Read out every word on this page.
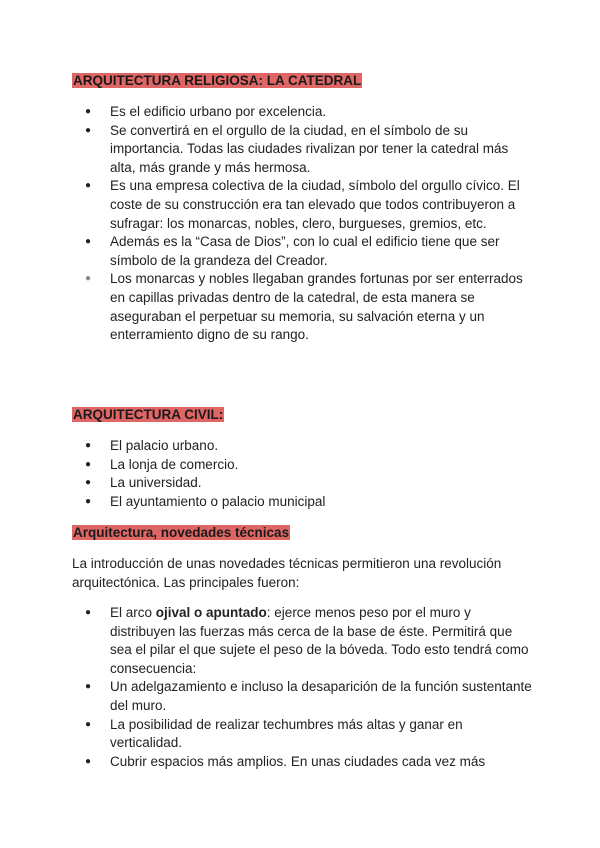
ARQUITECTURA RELIGIOSA: LA CATEDRAL
● Es el edificio urbano por excelencia.
● Se convertirá en el orgullo de la ciudad, en el símbolo de su importancia. Todas las ciudades rivalizan por tener la catedral más alta, más grande y más hermosa.
● Es una empresa colectiva de la ciudad, símbolo del orgullo cívico. El coste de su construcción era tan elevado que todos contribuyeron a sufragar: los monarcas, nobles, clero, burgueses, gremios, etc.
● Además es la “Casa de Dios”, con lo cual el edificio tiene que ser símbolo de la grandeza del Creador.
● Los monarcas y nobles llegaban grandes fortunas por ser enterrados en capillas privadas dentro de la catedral, de esta manera se aseguraban el perpetuar su memoria, su salvación eterna y un enterramiento digno de su rango.
ARQUITECTURA CIVIL:
● El palacio urbano.
● La lonja de comercio.
● La universidad.
● El ayuntamiento o palacio municipal
Arquitectura, novedades técnicas

La introducción de unas novedades técnicas permitieron una revolución arquitectónica. Las principales fueron:

● El arco ojival o apuntado: ejerce menos peso por el muro y distribuyen las fuerzas más cerca de la base de éste. Permitirá que sea el pilar el que sujete el peso de la bóveda. Todo esto tendrá como consecuencia:
● Un adelgazamiento e incluso la desaparición de la función sustentante del muro.
● La posibilidad de realizar techumbres más altas y ganar en verticalidad.
● Cubrir espacios más amplios. En unas ciudades cada vez más
